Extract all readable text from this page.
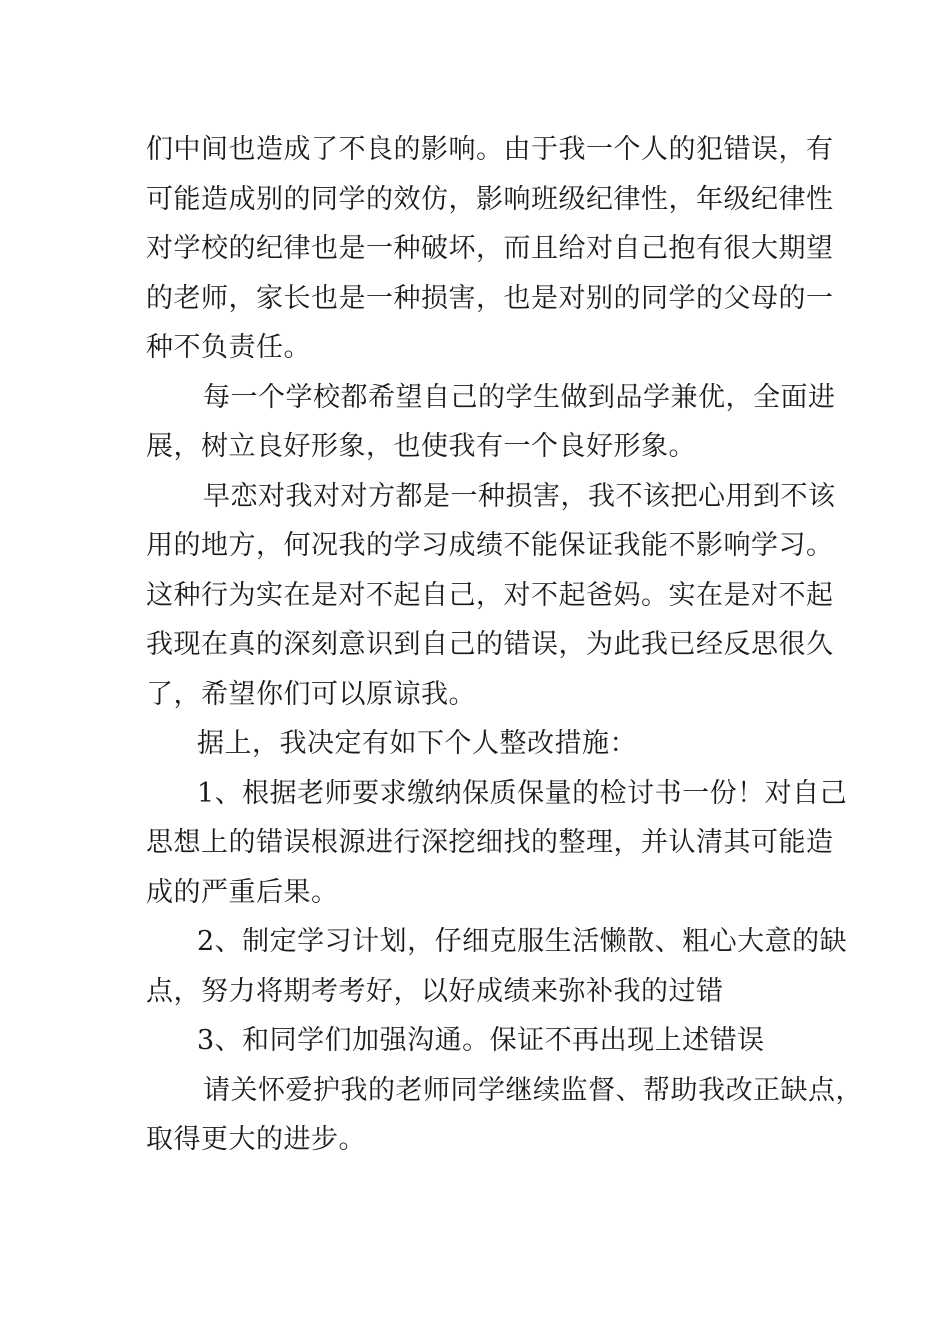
们中间也造成了不良的影响。由于我一个人的犯错误，有
可能造成别的同学的效仿，影响班级纪律性，年级纪律性
对学校的纪律也是一种破坏，而且给对自己抱有很大期望
的老师，家长也是一种损害，也是对别的同学的父母的一
种不负责任。
每一个学校都希望自己的学生做到品学兼优，全面进
展，树立良好形象，也使我有一个良好形象。
早恋对我对对方都是一种损害，我不该把心用到不该
用的地方，何况我的学习成绩不能保证我能不影响学习。
这种行为实在是对不起自己，对不起爸妈。实在是对不起
我现在真的深刻意识到自己的错误，为此我已经反思很久
了，希望你们可以原谅我。
据上，我决定有如下个人整改措施：
1、根据老师要求缴纳保质保量的检讨书一份！对自己
思想上的错误根源进行深挖细找的整理，并认清其可能造
成的严重后果。
2、制定学习计划，仔细克服生活懒散、粗心大意的缺
点，努力将期考考好，以好成绩来弥补我的过错
3、和同学们加强沟通。保证不再出现上述错误
请关怀爱护我的老师同学继续监督、帮助我改正缺点，
取得更大的进步。
